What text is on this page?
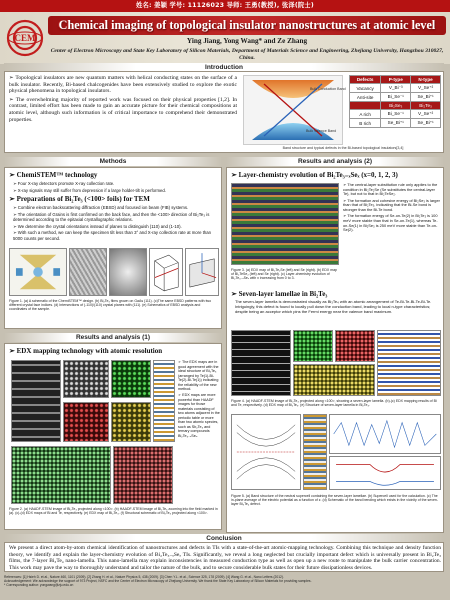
姓名: 姜颖 学号: 11126023 导师: 王勇(教授), 张泽(院士)
CEM
Chemical imaging of topological insulator nanostructures at atomic level
Ying Jiang, Yong Wang* and Ze Zhang
Center of Electron Microscopy and State Key Laboratory of Silicon Materials, Department of Materials Science and Engineering, Zhejiang University, Hangzhou 310027, China.
Introduction

➢ Topological insulators are new quantum matters with helical conducting states on the surface of a bulk insulator. Recently, Bi-based chalcogenides have been extensively studied to explore the exotic physical phenomena in topological insulators.

➢ The overwhelming majority of reported work was focused on their physical properties [1,2]. In contrast, limited effort has been made to gain an accurate picture for their chemical compositions at atomic level, although such information is of critical importance to comprehend their demonstrated properties.

Bulk Conduction Band
Bulk Valence Band
Defects	P-type	N-type
Vacancy	V_Bi⁻³	V_Se⁺²
Anti-site	Bi_Se⁻¹	Se_Bi⁺¹
	Bi₂Se₃	Bi₂Te₃
A rich	Bi_Se⁻¹	V_Se⁺²
B rich	Se_Bi⁺¹	Se_Bi⁺¹
Band structure and typical defects in the Bi-based topological insulators[3,4]
Methods
➢ ChemiSTEM™ technology

➢ Four X-ray detectors promote X-ray collection rate.

➢ X-ray signals may still suffer from depression if a large holder-tilt is performed.

➢ Preparations of Bi₂Te₃ (<100> foils) for TEM

➢ Combine electron backscattering diffraction (EBSD) and focused ion beam (FIB) systems.

➢ The orientation of Grains is first confirmed on the back face, and then the <100> direction of Bi₂Te₃ is determined according to the epitaxial crystallographic relations.

➢ We determine the crystal orientations instead of planes to distinguish (110) and (1-10).

➢ With such a method, we can keep the specimen tilt less than 3° and X-ray collection rate at more than 5000 counts per second.

Figure 1. (a) A schematic of the ChemiSTEM™ design. (b) Bi₂Te₃ films grown on GaAs (111). (c)The same EBSD patterns with two different crystal face indices. (d) Intersections of (-110)/(110) crystal planes with (111). (e) Schematics of EBSD analysis and coordinates of the sample.
Results and analysis (1)
➢ EDX mapping technology with atomic resolution

➢ The EDX maps are in good agreement with the ideal structure of Bi₂Te₃ (arranged by Te(1)-Bi-Te(2)-Bi-Te(1)) indicating the reliability of the new method.

➢ EDX maps are more powerful than HAADF images for those materials consisting of two atoms adjacent in the periodic table or more than two atomic species, such as Sb₂Te₃ and ternary compounds Bi₂Te₃₋ₓSeₓ.

Figure 2. (a) HAADF-STEM image of Bi₂Te₃ projected along <100>. (b) HAADF-STEM image of Bi₂Te₃ zooming into the field marked in (a). (c)-(d) EDX maps of Bi and Te, respectively. (e) EDX map of Bi₂Te₃. (f) Structural schematic of Bi₂Te₃ projected along <100>.
Results and analysis (2)
➢ Layer-chemistry evolution of Bi₂Te₃₋ₓSeₓ (x=0, 1, 2, 3)

➢ The central-layer substitution rule only applies to the condition in Bi₂Te₂Se (Se substitutes the central-layer Te), but not to that in Bi₂TeSe₂.

➢ The formation and cohesive energy of Bi₂Se₃ is larger than that of Bi₂Te₃, indicating that the Bi-Se bond is stronger than the Bi-Te bond.

➢ The formation energy of Se-on-Te(2) in Bi₂Te₃ is 100 meV more stable than that in Se-on-Te(1), whereas Te-on-Se(1) in Bi₂Se₃ is 250 meV more stable than Te-on-Se(2).

Figure 3. (a) EDX map of Bi₂Te₂Se (left) and Se (right). (b) EDX map of Bi₂TeSe₂ (left) and Se (right). (c) Layer-chemistry evolution of Bi₂Te₃₋ₓSeₓ with x increasing from 0 to 3.
➢ Seven-layer lamellae in Bi₂Te₃
The seven-layer lamella is demonstrated visually as Bi₃Te₄ with an atomic arrangement of Te-Bi-Te-Bi-Te-Bi-Te. Intriguingly, this defect is found to locally pull down the conduction band, leading to local n-type characteristics; despite being an acceptor which pins the Fermi energy near the valence band maximum.
Figure 4. (a) HAADF-STEM image of Bi₂Te₃ projected along <100>, showing a seven-layer lamella. (b)-(c) EDX mapping results of Bi and Te, respectively. (d) EDX map of Bi₂Te₃. (e) Structure of seven-layer lamella in Bi₂Te₃.
Figure 5. (a) Band structure of the neutral supercell containing the seven-layer lamellae. (b) Supercell used for the calculation. (c) The in-plane average of the electric potential as a function of z. (d) Schematic of the band bending which exists in the vicinity of the seven-layer Bi₃Te₄ defect.
Conclusion
We present a direct atom-by-atom chemical identification of nanostructures and defects in TIs with a state-of-the-art atomic-mapping technology. Combining this technique and density function theory, we identify and explain the layer-chemistry evolution of Bi₂Te₃₋ₓSeₓ TIs. Significantly, we reveal a long neglected but crucially important defect which is universally present in Bi₂Te₃ films, the 7-layer Bi₃Te₄ nano-lamella. This nano-lamella may explain inconsistencies in measured conduction type as well as open up a new route to manipulate the bulk carrier concentration. This work may pave the way to thoroughly understand and tailor the nature of the bulk, and to secure considerable bulk states for their future dissipationless devices.
References: [1] Hsieh D. et al., Nature 460, 1101 (2009). [2] Zhang H. et al., Nature Physics 5, 438 (2009). [3] Chen Y.L. et al., Science 325, 178 (2009). [4] Wang G. et al., Nano Letters (2012).
Acknowledgement: We acknowledge the support of 973 Project, NSFC and the Center of Electron Microscopy of Zhejiang University. We thank the State Key Laboratory of Silicon Materials for providing samples.
* Corresponding author: yongwang@zju.edu.cn
